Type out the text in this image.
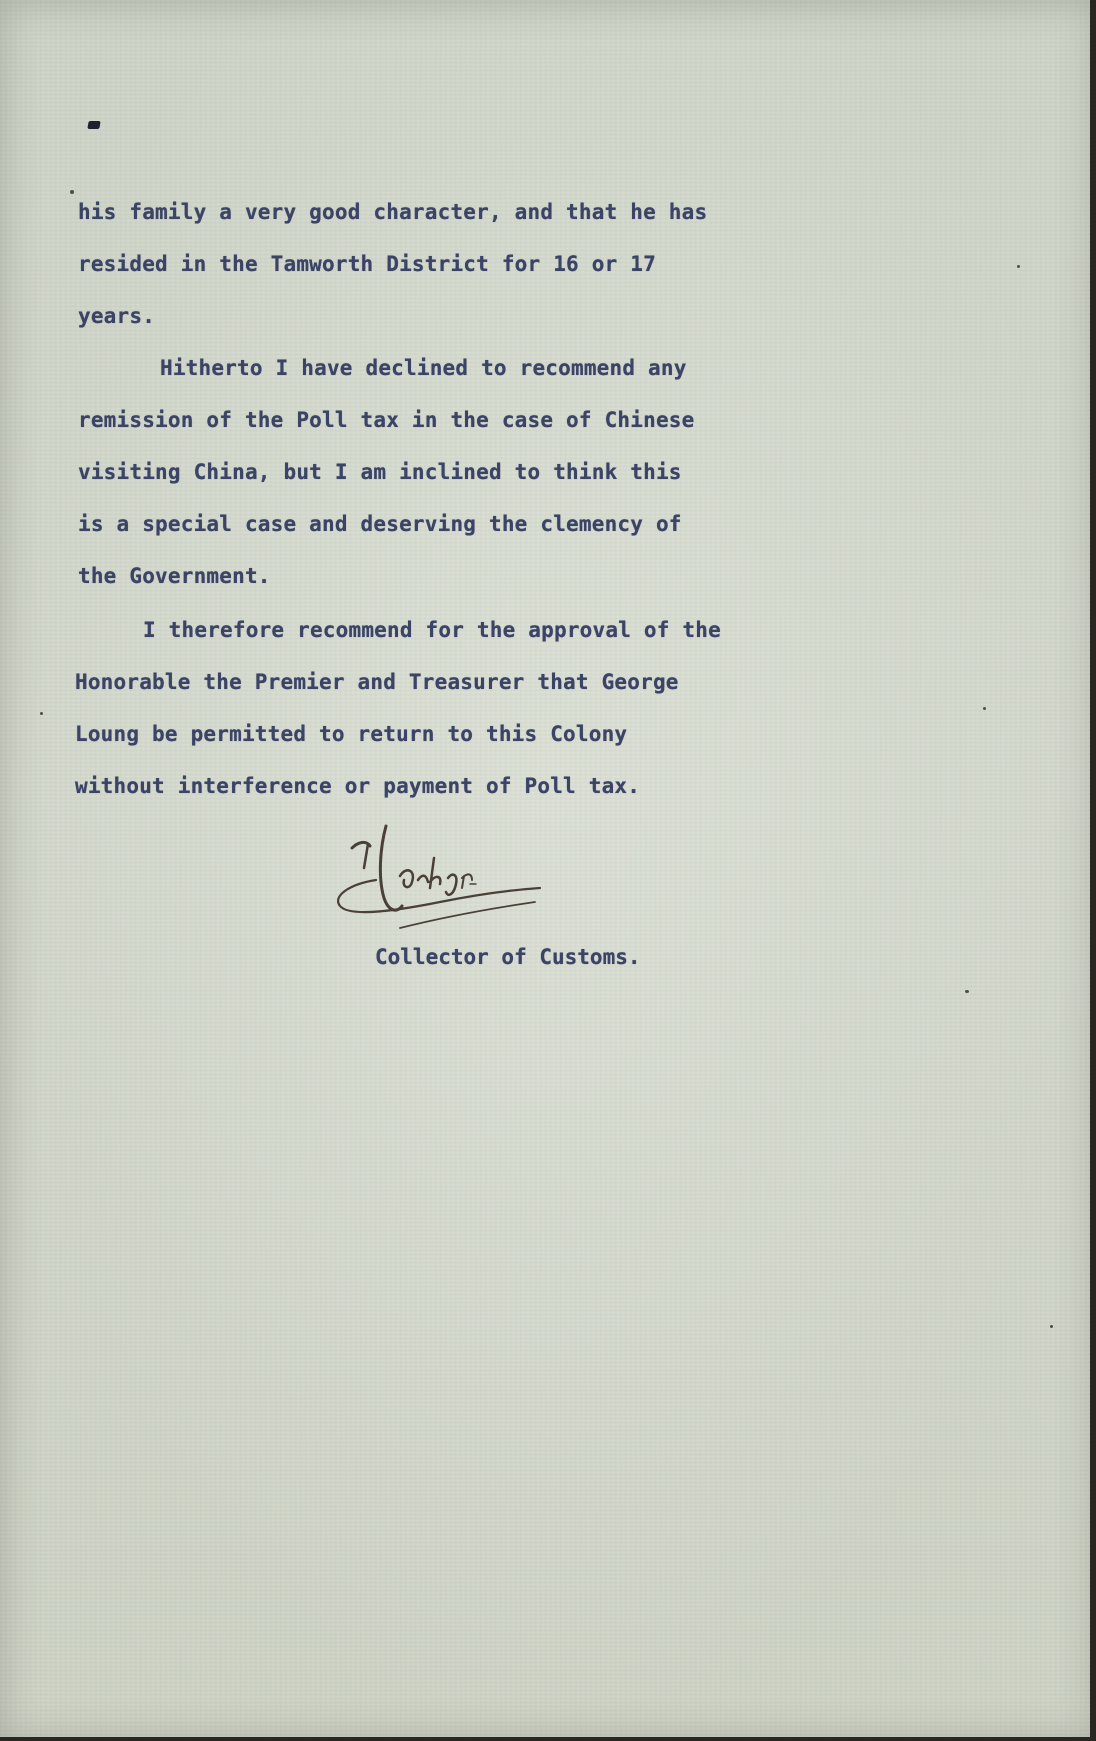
his family a very good character, and that he has
resided in the Tamworth District for 16 or 17
years.
Hitherto I have declined to recommend any
remission of the Poll tax in the case of Chinese
visiting China, but I am inclined to think this
is a special case and deserving the clemency of
the Government.
I therefore recommend for the approval of the
Honorable the Premier and Treasurer that George
Loung be permitted to return to this Colony
without interference or payment of Poll tax.
Collector of Customs.
